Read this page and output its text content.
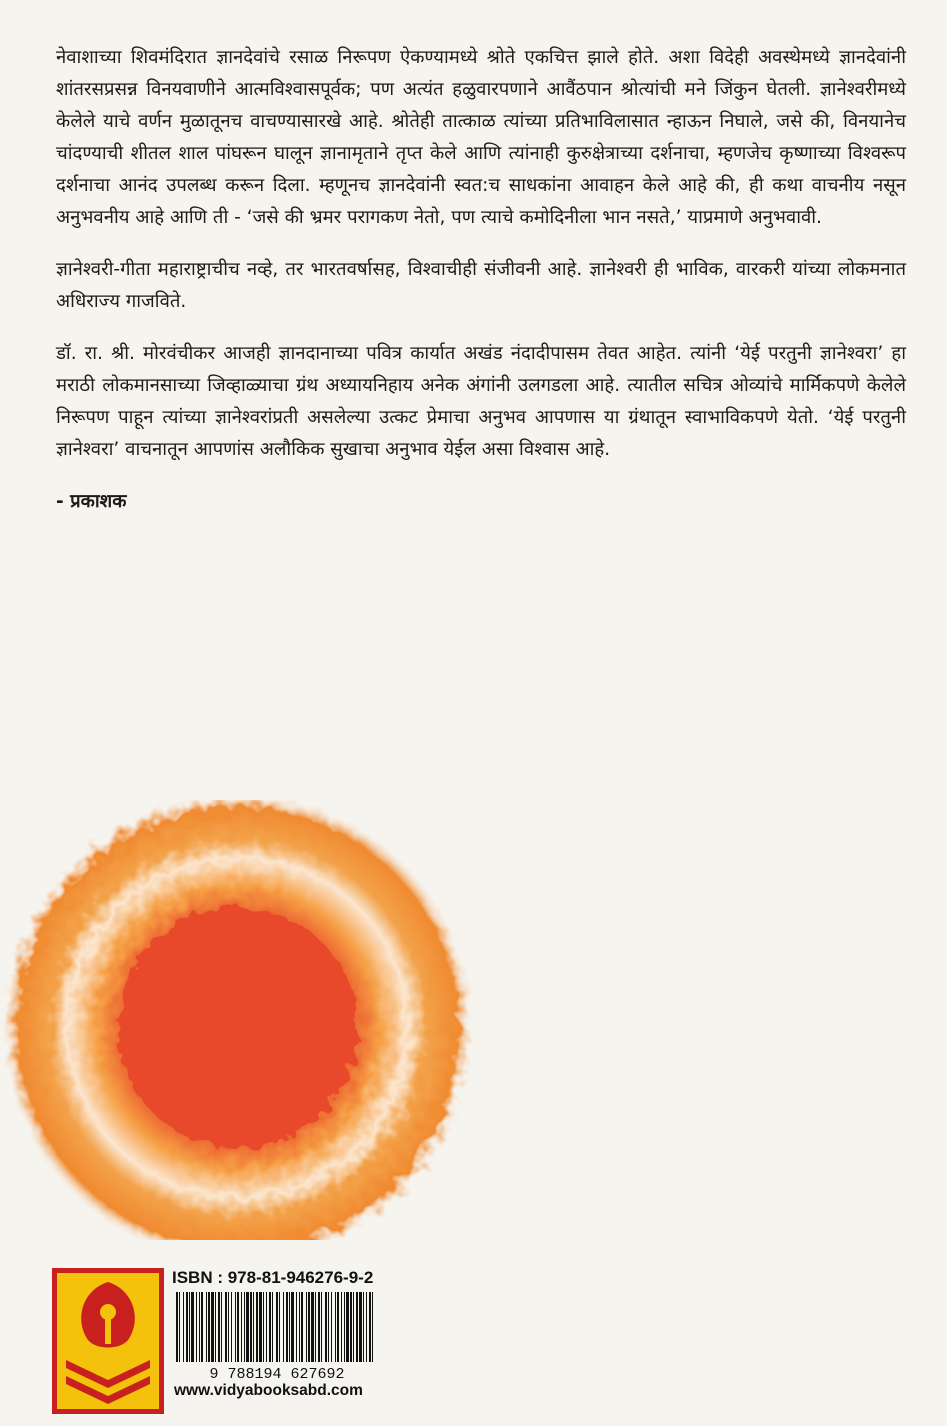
नेवाशाच्या शिवमंदिरात ज्ञानदेवांचे रसाळ निरूपण ऐकण्यामध्ये श्रोते एकचित्त झाले होते. अशा विदेही अवस्थेमध्ये ज्ञानदेवांनी शांतरसप्रसन्न विनयवाणीने आत्मविश्वासपूर्वक; पण अत्यंत हळुवारपणाने आवैंठपान श्रोत्यांची मने जिंकुन घेतली. ज्ञानेश्वरीमध्ये केलेले याचे वर्णन मुळातूनच वाचण्यासारखे आहे. श्रोतेही तात्काळ त्यांच्या प्रतिभाविलासात न्हाऊन निघाले, जसे की, विनयानेच चांदण्याची शीतल शाल पांघरून घालून ज्ञानामृताने तृप्त केले आणि त्यांनाही कुरुक्षेत्राच्या दर्शनाचा, म्हणजेच कृष्णाच्या विश्वरूप दर्शनाचा आनंद उपलब्ध करून दिला. म्हणूनच ज्ञानदेवांनी स्वत:च साधकांना आवाहन केले आहे की, ही कथा वाचनीय नसून अनुभवनीय आहे आणि ती - ‘जसे की भ्रमर परागकण नेतो, पण त्याचे कमोदिनीला भान नसते,’ याप्रमाणे अनुभवावी.

ज्ञानेश्वरी-गीता महाराष्ट्राचीच नव्हे, तर भारतवर्षासह, विश्वाचीही संजीवनी आहे. ज्ञानेश्वरी ही भाविक, वारकरी यांच्या लोकमनात अधिराज्य गाजविते.

डॉ. रा. श्री. मोरवंचीकर आजही ज्ञानदानाच्या पवित्र कार्यात अखंड नंदादीपासम तेवत आहेत. त्यांनी ‘येई परतुनी ज्ञानेश्वरा’ हा मराठी लोकमानसाच्या जिव्हाळ्याचा ग्रंथ अध्यायनिहाय अनेक अंगांनी उलगडला आहे. त्यातील सचित्र ओव्यांचे मार्मिकपणे केलेले निरूपण पाहून त्यांच्या ज्ञानेश्वरांप्रती असलेल्या उत्कट प्रेमाचा अनुभव आपणास या ग्रंथातून स्वाभाविकपणे येतो. ‘येई परतुनी ज्ञानेश्वरा’ वाचनातून आपणांस अलौकिक सुखाचा अनुभाव येईल असा विश्वास आहे.

- प्रकाशक
ISBN : 978-81-946276-9-2
9 788194 627692
www.vidyabooksabd.com
